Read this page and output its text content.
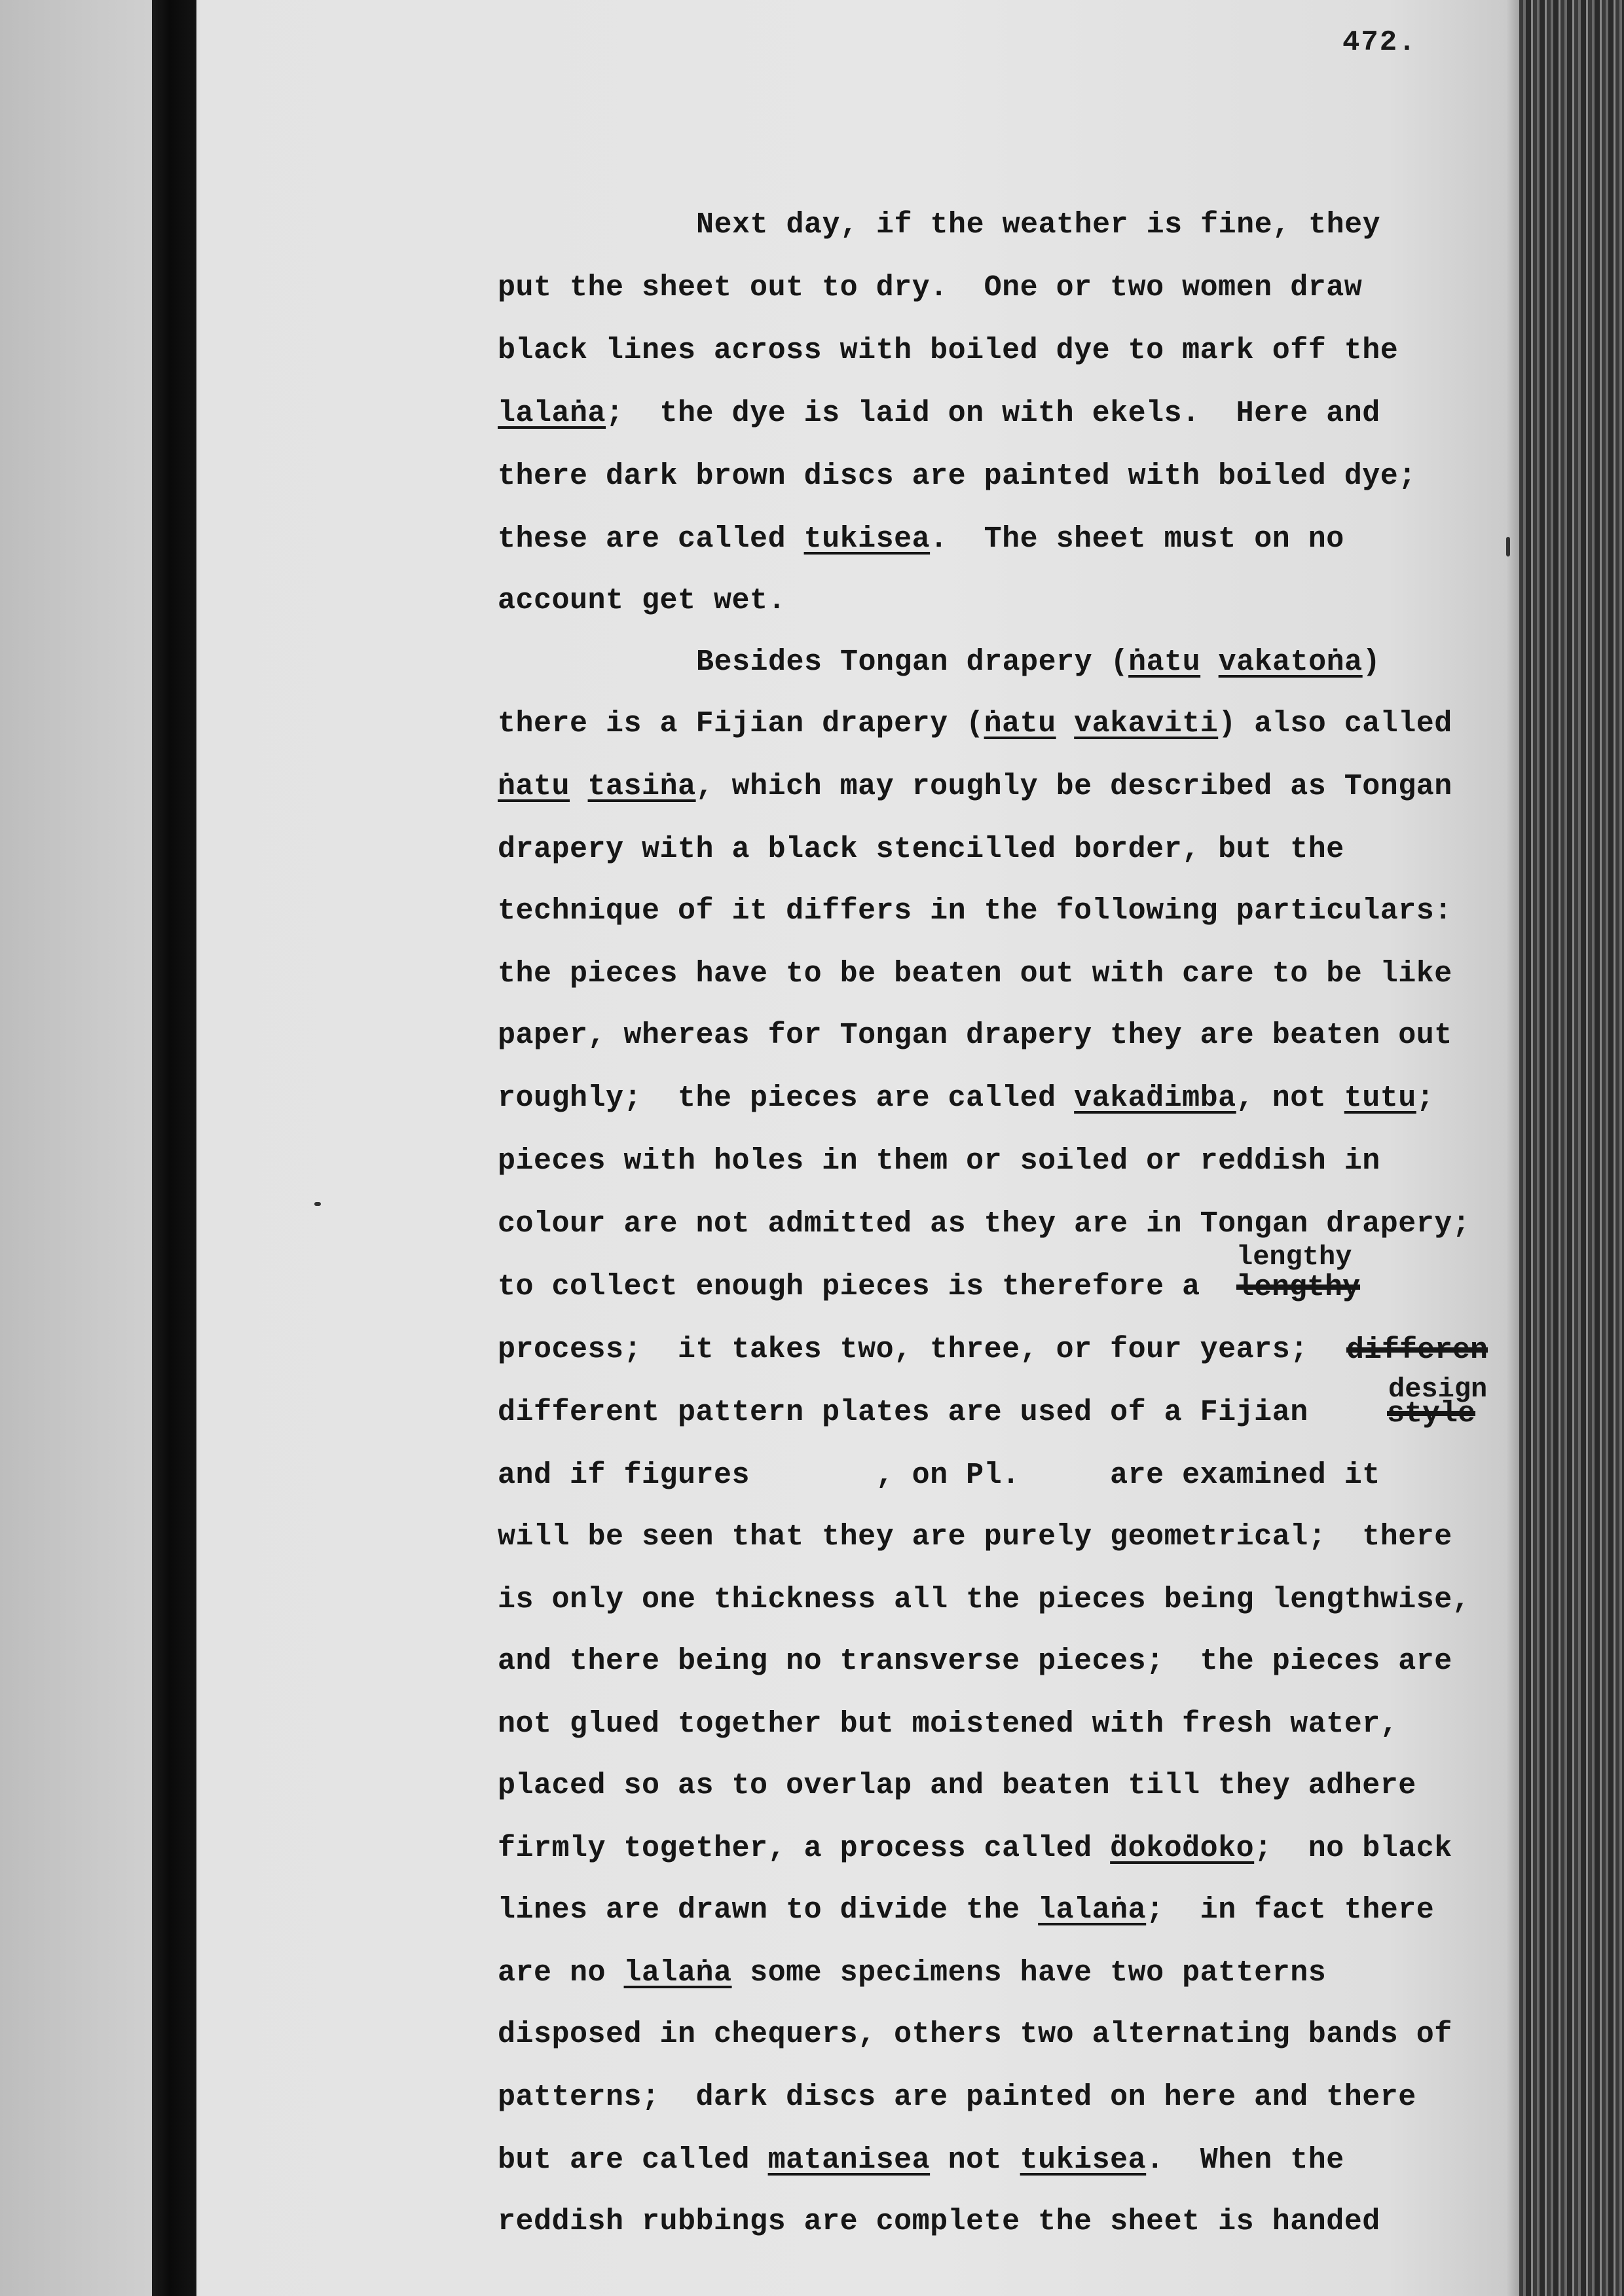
472.
Next day, if the weather is fine, they
put the sheet out to dry.  One or two women draw
black lines across with boiled dye to mark off the
lalaṅa;  the dye is laid on with ekels.  Here and
there dark brown discs are painted with boiled dye;
these are called tukisea.  The sheet must on no
account get wet.
Besides Tongan drapery (ṅatu vakatoṅa)
there is a Fijian drapery (ṅatu vakaviti) also called
ṅatu tasiṅa, which may roughly be described as Tongan
drapery with a black stencilled border, but the
technique of it differs in the following particulars:
the pieces have to be beaten out with care to be like
paper, whereas for Tongan drapery they are beaten out
roughly;  the pieces are called vakaḋimba, not tutu;
pieces with holes in them or soiled or reddish in
colour are not admitted as they are in Tongan drapery;
to collect enough pieces is therefore a
process;  it takes two, three, or four years;
different pattern plates are used of a Fijian
and if figures       , on Pl.     are examined it
will be seen that they are purely geometrical;  there
is only one thickness all the pieces being lengthwise,
and there being no transverse pieces;  the pieces are
not glued together but moistened with fresh water,
placed so as to overlap and beaten till they adhere
firmly together, a process called ḋokoḋoko;  no black
lines are drawn to divide the lalaṅa;  in fact there
are no lalaṅa some specimens have two patterns
disposed in chequers, others two alternating bands of
patterns;  dark discs are painted on here and there
but are called matanisea not tukisea.  When the
reddish rubbings are complete the sheet is handed
lengthy
lengthy
differen
design
style
